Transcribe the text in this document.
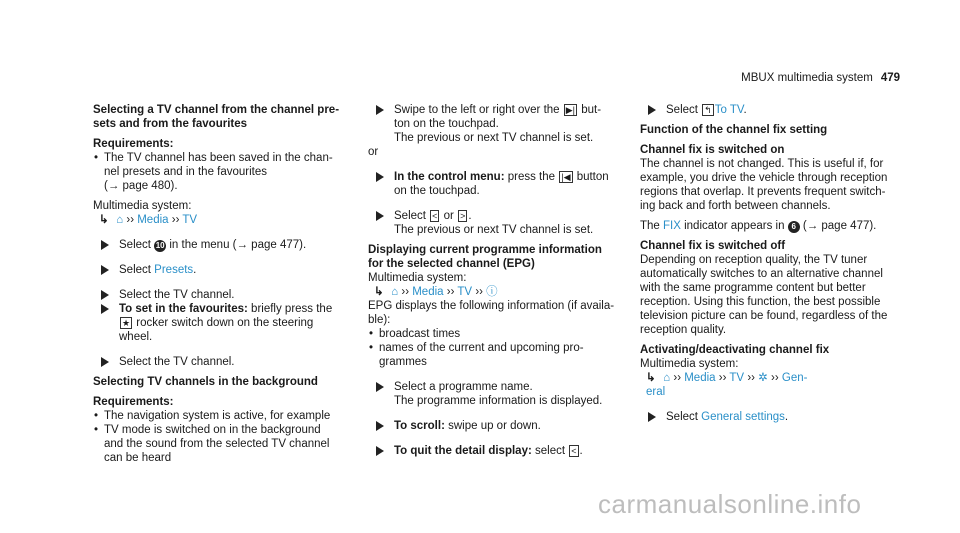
MBUX multimedia system 479

Selecting a TV channel from the channel pre-
sets and from the favourites

Requirements:

• The TV channel has been saved in the chan-
nel presets and in the favourites
(→ page 480).

Multimedia system:

↳ ⌂ ›› Media ›› TV
Select 10 in the menu (→ page 477).
Select Presets.
Select the TV channel.
To set in the favourites: briefly press the
★ rocker switch down on the steering
wheel.
Select the TV channel.

Selecting TV channels in the background

Requirements:

• The navigation system is active, for example
• TV mode is switched on in the background
and the sound from the selected TV channel
can be heard
Swipe to the left or right over the ▶| but-
ton on the touchpad.
The previous or next TV channel is set.

or

In the control menu: press the |◀ button
on the touchpad.
Select < or > .
The previous or next TV channel is set.

Displaying current programme information
for the selected channel (EPG)

Multimedia system:

↳ ⌂ ›› Media ›› TV ›› ⓘ

EPG displays the following information (if availa-
ble):

• broadcast times
• names of the current and upcoming pro-
grammes
Select a programme name.
The programme information is displayed.
To scroll: swipe up or down.
To quit the detail display: select < .
Select ↰ To TV.

Function of the channel fix setting

Channel fix is switched on

The channel is not changed. This is useful if, for
example, you drive the vehicle through reception
regions that overlap. It prevents frequent switch-
ing back and forth between channels.

The FIX indicator appears in 6 (→ page 477).

Channel fix is switched off

Depending on reception quality, the TV tuner
automatically switches to an alternative channel
with the same programme content but better
reception. Using this function, the best possible
television picture can be found, regardless of the
reception quality.

Activating/deactivating channel fix

Multimedia system:

↳ ⌂ ›› Media ›› TV ›› ✲ ›› Gen-
eral
Select General settings.
carmanualsonline.info
